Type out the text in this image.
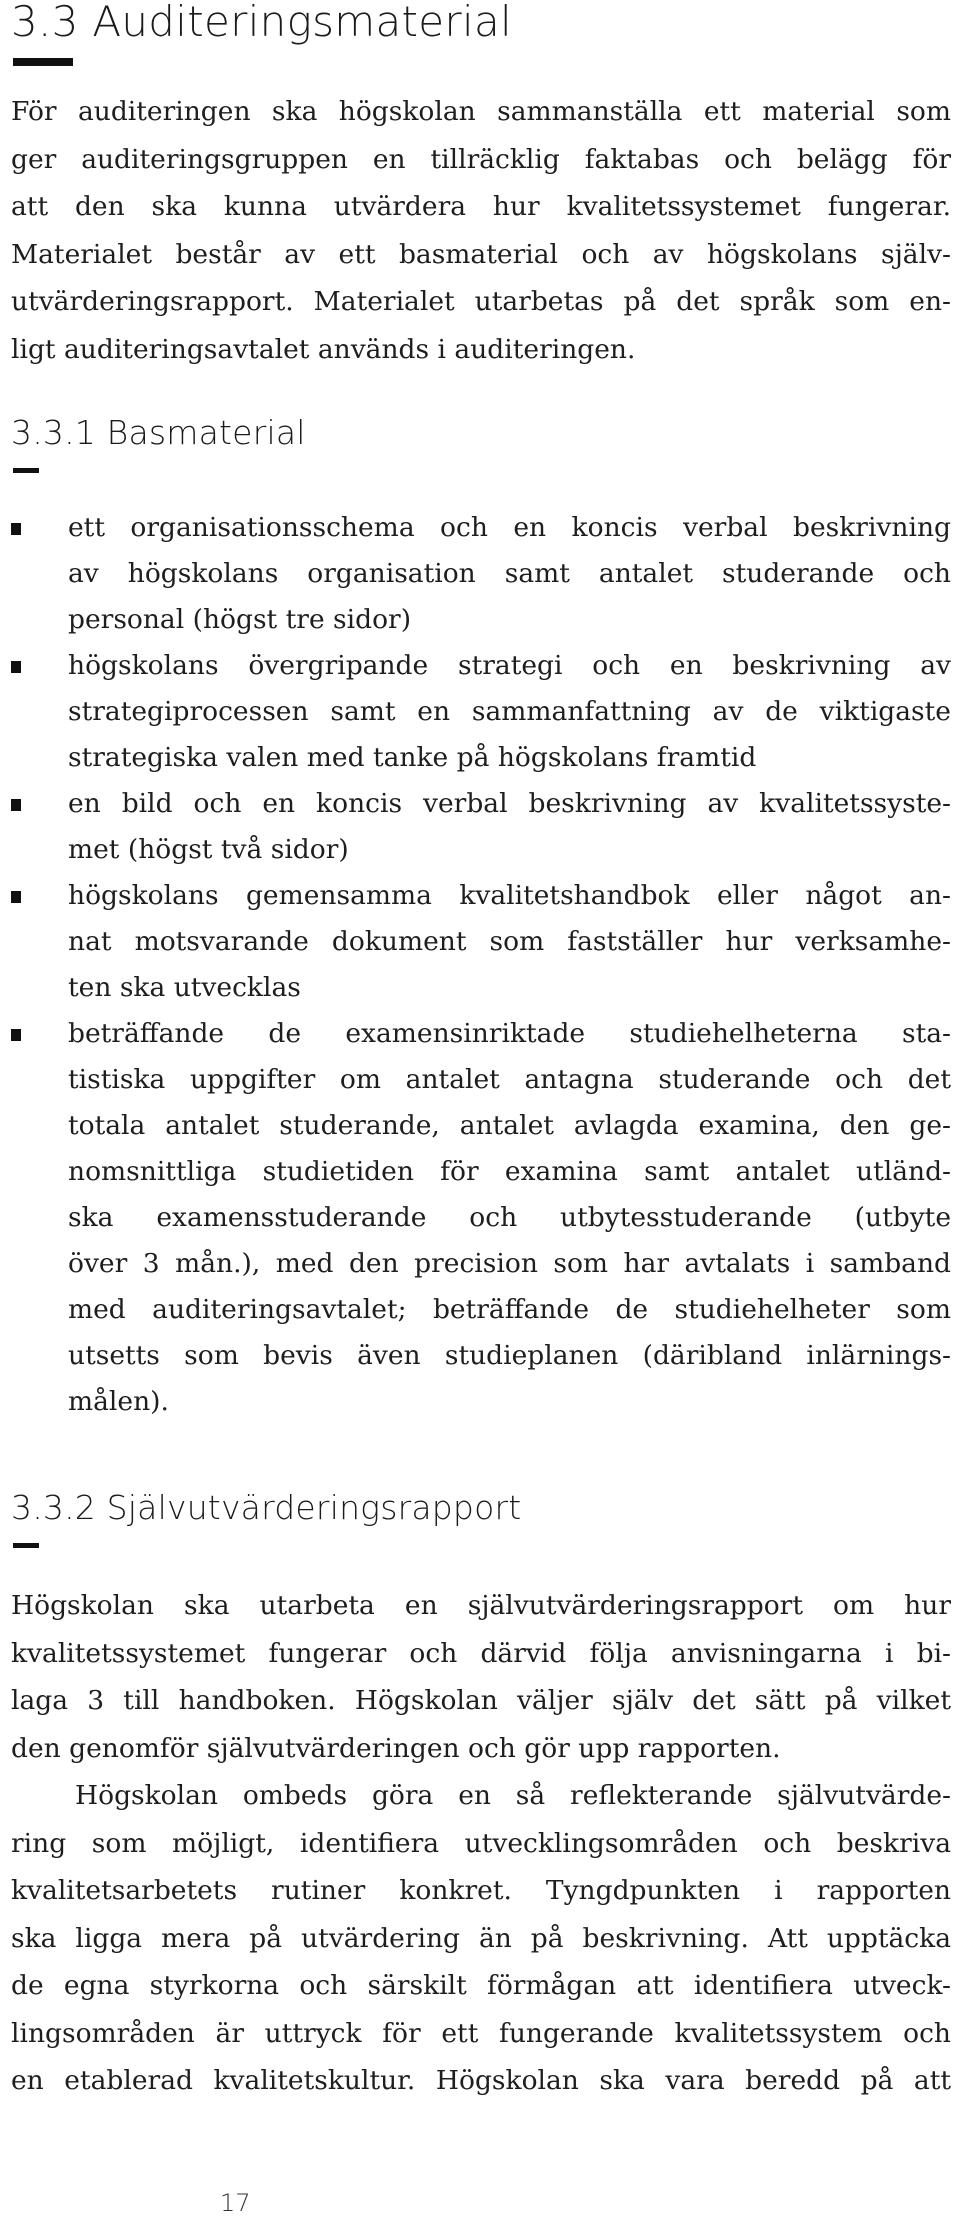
3.3 Auditeringsmaterial
För auditeringen ska högskolan sammanställa ett material som
ger auditeringsgruppen en tillräcklig faktabas och belägg för
att den ska kunna utvärdera hur kvalitetssystemet fungerar.
Materialet består av ett basmaterial och av högskolans själv-
utvärderingsrapport. Materialet utarbetas på det språk som en-
ligt auditeringsavtalet används i auditeringen.
3.3.1 Basmaterial
ett organisationsschema och en koncis verbal beskrivning
av högskolans organisation samt antalet studerande och
personal (högst tre sidor)
högskolans övergripande strategi och en beskrivning av
strategiprocessen samt en sammanfattning av de viktigaste
strategiska valen med tanke på högskolans framtid
en bild och en koncis verbal beskrivning av kvalitetssyste-
met (högst två sidor)
högskolans gemensamma kvalitetshandbok eller något an-
nat motsvarande dokument som fastställer hur verksamhe-
ten ska utvecklas
beträffande de examensinriktade studiehelheterna sta-
tistiska uppgifter om antalet antagna studerande och det
totala antalet studerande, antalet avlagda examina, den ge-
nomsnittliga studietiden för examina samt antalet utländ-
ska examensstuderande och utbytesstuderande (utbyte
över 3 mån.), med den precision som har avtalats i samband
med auditeringsavtalet; beträffande de studiehelheter som
utsetts som bevis även studieplanen (däribland inlärnings-
målen).
3.3.2 Självutvärderingsrapport
Högskolan ska utarbeta en självutvärderingsrapport om hur
kvalitetssystemet fungerar och därvid följa anvisningarna i bi-
laga 3 till handboken. Högskolan väljer själv det sätt på vilket
den genomför självutvärderingen och gör upp rapporten.
Högskolan ombeds göra en så reflekterande självutvärde-
ring som möjligt, identifiera utvecklingsområden och beskriva
kvalitetsarbetets rutiner konkret. Tyngdpunkten i rapporten
ska ligga mera på utvärdering än på beskrivning. Att upptäcka
de egna styrkorna och särskilt förmågan att identifiera utveck-
lingsområden är uttryck för ett fungerande kvalitetssystem och
en etablerad kvalitetskultur. Högskolan ska vara beredd på att
17
